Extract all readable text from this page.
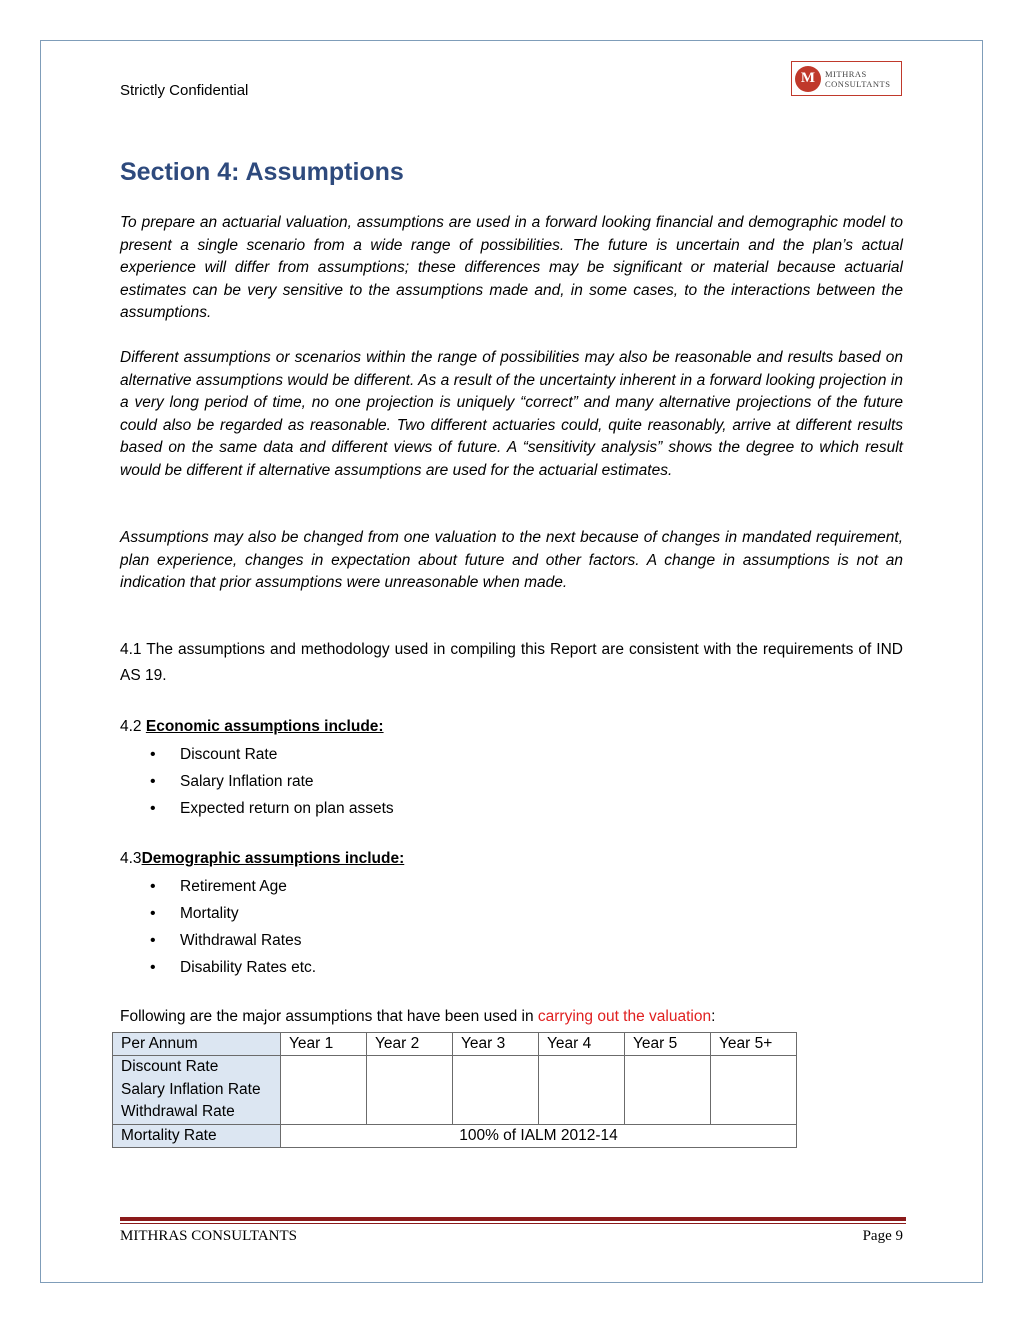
Strictly Confidential
M	MITHRAS
CONSULTANTS
Section 4: Assumptions

To prepare an actuarial valuation, assumptions are used in a forward looking financial and demographic model to present a single scenario from a wide range of possibilities. The future is uncertain and the plan’s actual experience will differ from assumptions; these differences may be significant or material because actuarial estimates can be very sensitive to the assumptions made and, in some cases, to the interactions between the assumptions.

Different assumptions or scenarios within the range of possibilities may also be reasonable and results based on alternative assumptions would be different. As a result of the uncertainty inherent in a forward looking projection in a very long period of time, no one projection is uniquely “correct” and many alternative projections of the future could also be regarded as reasonable. Two different actuaries could, quite reasonably, arrive at different results based on the same data and different views of future. A “sensitivity analysis” shows the degree to which result would be different if alternative assumptions are used for the actuarial estimates.

Assumptions may also be changed from one valuation to the next because of changes in mandated requirement, plan experience, changes in expectation about future and other factors. A change in assumptions is not an indication that prior assumptions were unreasonable when made.

4.1 The assumptions and methodology used in compiling this Report are consistent with the requirements of IND AS 19.

4.2 Economic assumptions include:
• Discount Rate
• Salary Inflation rate
• Expected return on plan assets
4.3Demographic assumptions include:
• Retirement Age
• Mortality
• Withdrawal Rates
• Disability Rates etc.
Following are the major assumptions that have been used in carrying out the valuation:
Per Annum	Year 1	Year 2	Year 3	Year 4	Year 5	Year 5+

Discount Rate
Salary Inflation Rate
Withdrawal Rate						

Mortality Rate	100% of IALM 2012-14					
MITHRAS CONSULTANTS	Page 9
